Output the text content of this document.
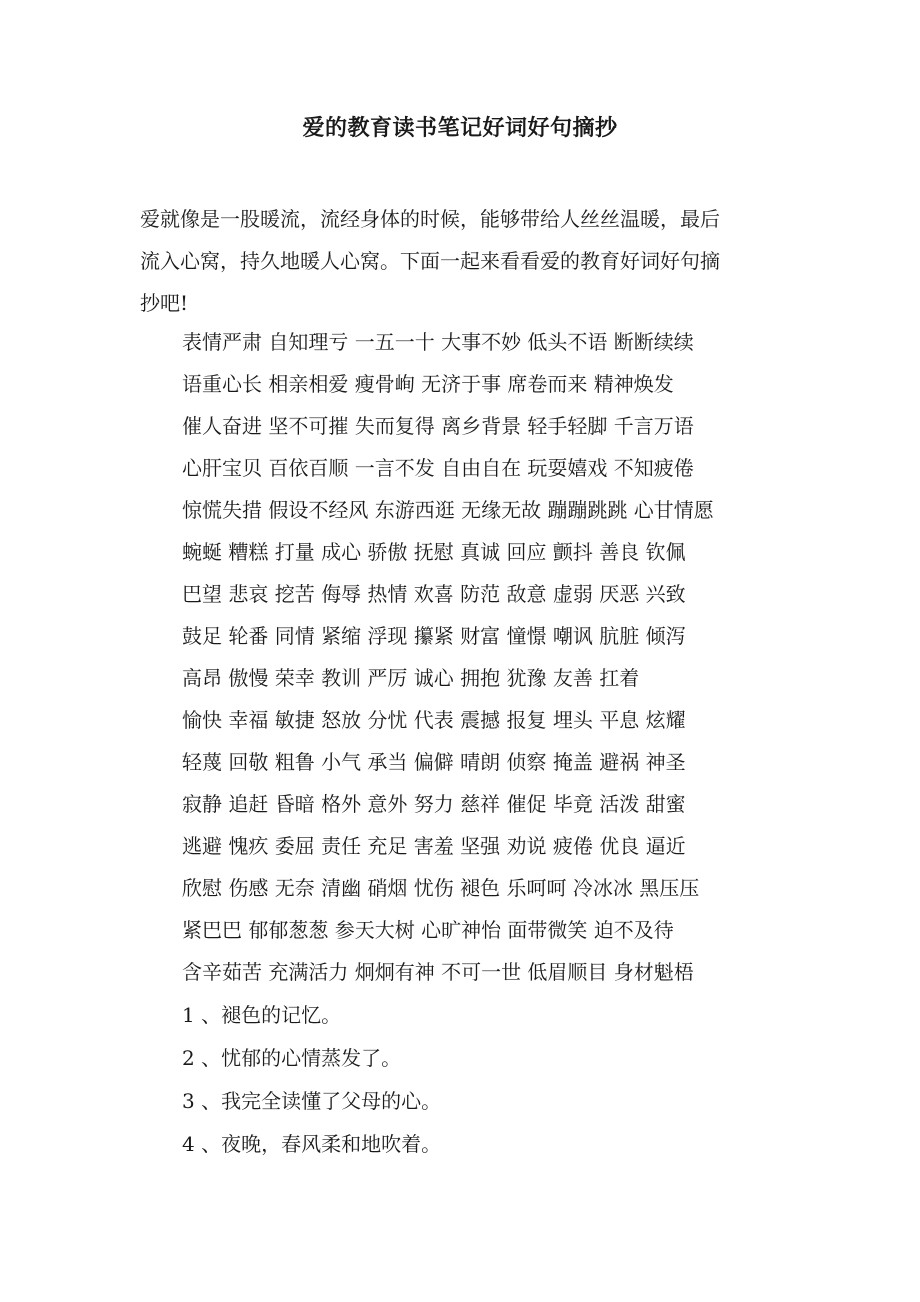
爱的教育读书笔记好词好句摘抄

爱就像是一股暖流，流经身体的时候，能够带给人丝丝温暖，最后

流入心窝，持久地暖人心窝。下面一起来看看爱的教育好词好句摘

抄吧!

表情严肃 自知理亏 一五一十 大事不妙 低头不语 断断续续
语重心长 相亲相爱 瘦骨峋 无济于事 席卷而来 精神焕发
催人奋进 坚不可摧 失而复得 离乡背景 轻手轻脚 千言万语
心肝宝贝 百依百顺 一言不发 自由自在 玩耍嬉戏 不知疲倦
惊慌失措 假设不经风 东游西逛 无缘无故 蹦蹦跳跳 心甘情愿
蜿蜒 糟糕 打量 成心 骄傲 抚慰 真诚 回应 颤抖 善良 钦佩
巴望 悲哀 挖苦 侮辱 热情 欢喜 防范 敌意 虚弱 厌恶 兴致
鼓足 轮番 同情 紧缩 浮现 攥紧 财富 憧憬 嘲讽 肮脏 倾泻
高昂 傲慢 荣幸 教训 严厉 诚心 拥抱 犹豫 友善 扛着
愉快 幸福 敏捷 怒放 分忧 代表 震撼 报复 埋头 平息 炫耀
轻蔑 回敬 粗鲁 小气 承当 偏僻 晴朗 侦察 掩盖 避祸 神圣
寂静 追赶 昏暗 格外 意外 努力 慈祥 催促 毕竟 活泼 甜蜜
逃避 愧疚 委屈 责任 充足 害羞 坚强 劝说 疲倦 优良 逼近
欣慰 伤感 无奈 清幽 硝烟 忧伤 褪色 乐呵呵 冷冰冰 黑压压
紧巴巴 郁郁葱葱 参天大树 心旷神怡 面带微笑 迫不及待
含辛茹苦 充满活力 炯炯有神 不可一世 低眉顺目 身材魁梧
1 、褪色的记忆。
2 、忧郁的心情蒸发了。
3 、我完全读懂了父母的心。
4 、夜晚，春风柔和地吹着。
